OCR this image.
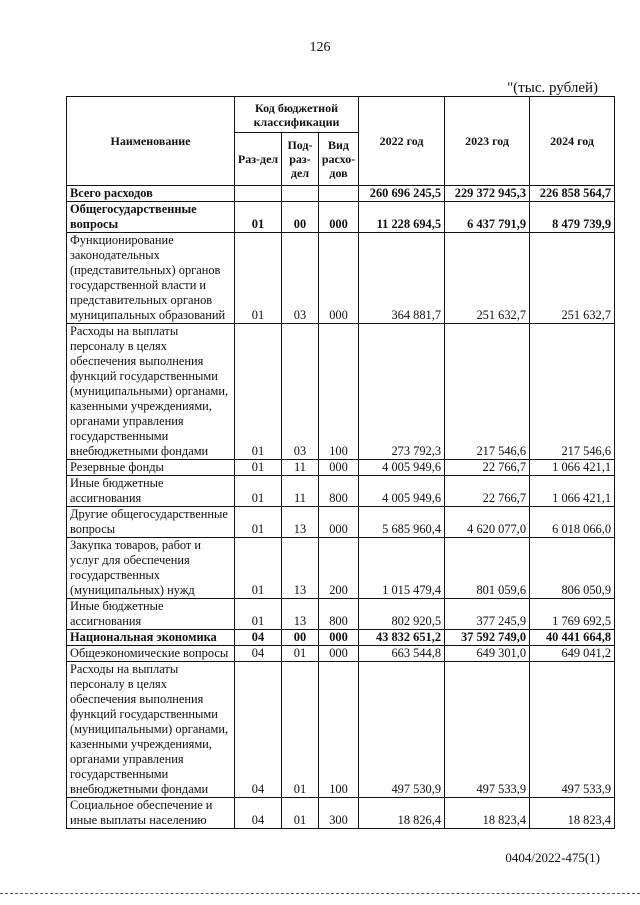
126
"(тыс. рублей)
Наименование	Код бюджетной классификации			2022 год	2023 год	2024 год
	Раз-дел	Под-раз-дел	Вид расхо-дов			
Всего расходов				260 696 245,5	229 372 945,3	226 858 564,7
Общегосударственные вопросы	01	00	000	11 228 694,5	6 437 791,9	8 479 739,9
Функционирование законодательных (представительных) органов государственной власти и представительных органов муниципальных образований	01	03	000	364 881,7	251 632,7	251 632,7
Расходы на выплаты персоналу в целях обеспечения выполнения функций государственными (муниципальными) органами, казенными учреждениями, органами управления государственными внебюджетными фондами	01	03	100	273 792,3	217 546,6	217 546,6
Резервные фонды	01	11	000	4 005 949,6	22 766,7	1 066 421,1
Иные бюджетные ассигнования	01	11	800	4 005 949,6	22 766,7	1 066 421,1
Другие общегосударственные вопросы	01	13	000	5 685 960,4	4 620 077,0	6 018 066,0
Закупка товаров, работ и услуг для обеспечения государственных (муниципальных) нужд	01	13	200	1 015 479,4	801 059,6	806 050,9
Иные бюджетные ассигнования	01	13	800	802 920,5	377 245,9	1 769 692,5
Национальная экономика	04	00	000	43 832 651,2	37 592 749,0	40 441 664,8
Общеэкономические вопросы	04	01	000	663 544,8	649 301,0	649 041,2
Расходы на выплаты персоналу в целях обеспечения выполнения функций государственными (муниципальными) органами, казенными учреждениями, органами управления государственными внебюджетными фондами	04	01	100	497 530,9	497 533,9	497 533,9
Социальное обеспечение и иные выплаты населению	04	01	300	18 826,4	18 823,4	18 823,4
0404/2022-475(1)
